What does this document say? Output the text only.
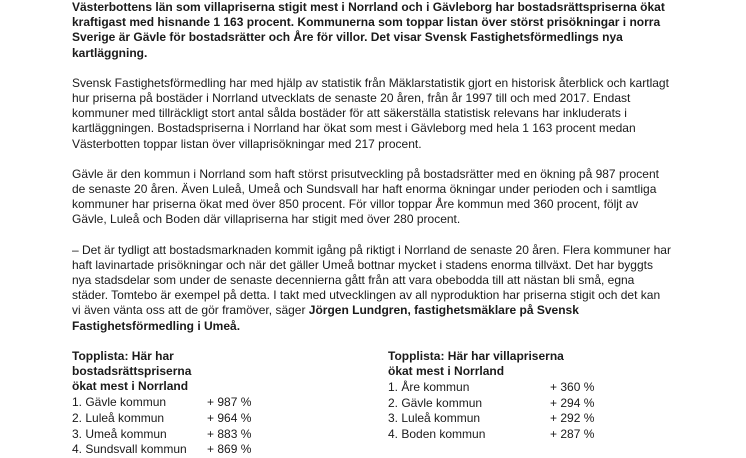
Västerbottens län som villapriserna stigit mest i Norrland och i Gävleborg har bostadsrättspriserna ökat kraftigast med hisnande 1 163 procent. Kommunerna som toppar listan över störst prisökningar i norra Sverige är Gävle för bostadsrätter och Åre för villor. Det visar Svensk Fastighetsförmedlings nya kartläggning.

Svensk Fastighetsförmedling har med hjälp av statistik från Mäklarstatistik gjort en historisk återblick och kartlagt hur priserna på bostäder i Norrland utvecklats de senaste 20 åren, från år 1997 till och med 2017. Endast kommuner med tillräckligt stort antal sålda bostäder för att säkerställa statistisk relevans har inkluderats i kartläggningen. Bostadspriserna i Norrland har ökat som mest i Gävleborg med hela 1 163 procent medan Västerbotten toppar listan över villaprisökningar med 217 procent.

Gävle är den kommun i Norrland som haft störst prisutveckling på bostadsrätter med en ökning på 987 procent de senaste 20 åren. Även Luleå, Umeå och Sundsvall har haft enorma ökningar under perioden och i samtliga kommuner har priserna ökat med över 850 procent. För villor toppar Åre kommun med 360 procent, följt av Gävle, Luleå och Boden där villapriserna har stigit med över 280 procent.

– Det är tydligt att bostadsmarknaden kommit igång på riktigt i Norrland de senaste 20 åren. Flera kommuner har haft lavinartade prisökningar och när det gäller Umeå bottnar mycket i stadens enorma tillväxt. Det har byggts nya stadsdelar som under de senaste decennierna gått från att vara obebodda till att nästan bli små, egna städer. Tomtebo är exempel på detta. I takt med utvecklingen av all nyproduktion har priserna stigit och det kan vi även vänta oss att de gör framöver, säger Jörgen Lundgren, fastighetsmäklare på Svensk Fastighetsförmedling i Umeå.

Topplista: Här har bostadsrättspriserna
ökat mest i Norrland
1. Gävle kommun	+ 987 %
2. Luleå kommun	+ 964 %
3. Umeå kommun	+ 883 %
4. Sundsvall kommun + 869 %
Topplista: Här har villapriserna
ökat mest i Norrland
1. Åre kommun	+ 360 %
2. Gävle kommun	+ 294 %
3. Luleå kommun	+ 292 %
4. Boden kommun	+ 287 %
